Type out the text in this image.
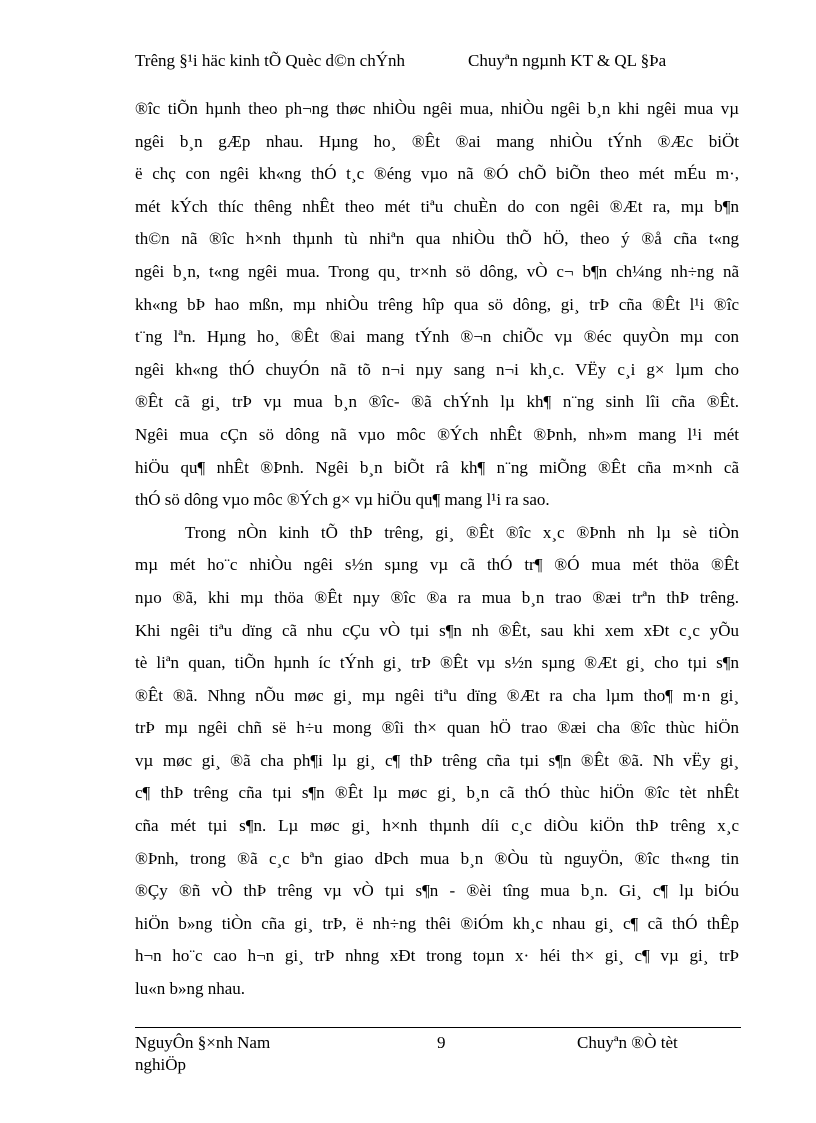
Trêng §¹i häc kinh tÕ Quèc d©n chÝnh	Chuyªn ngµnh KT & QL §Þa

®îc tiÕn hµnh theo ph¬ng thøc nhiÒu ngêi mua, nhiÒu ngêi b¸n khi ngêi mua vµ

ngêi b¸n gÆp nhau. Hµng ho¸ ®Êt ®ai mang nhiÒu tÝnh ®Æc biÖt

ë chç con ngêi kh«ng thÓ t¸c ®éng vµo nã ®Ó chÕ biÕn theo mét mÉu m·,

mét kÝch thíc thêng nhÊt theo mét tiªu chuÈn do con ngêi ®Æt ra, mµ b¶n

th©n nã ®îc h×nh thµnh tù nhiªn qua nhiÒu thÕ hÖ, theo ý ®å cña t«ng

ngêi b¸n, t«ng ngêi mua. Trong qu¸ tr×nh sö dông, vÒ c¬ b¶n ch¼ng nh÷ng nã

kh«ng bÞ hao mßn, mµ nhiÒu trêng hîp qua sö dông, gi¸ trÞ cña ®Êt l¹i ®îc

t¨ng lªn. Hµng ho¸ ®Êt ®ai mang tÝnh ®¬n chiÕc vµ ®éc quyÒn mµ con

ngêi kh«ng thÓ chuyÓn nã tõ n¬i nµy sang n¬i kh¸c. VËy c¸i g× lµm cho

®Êt cã gi¸ trÞ vµ mua b¸n ®îc- ®ã chÝnh lµ kh¶ n¨ng sinh lîi cña ®Êt.

Ngêi mua cÇn sö dông nã vµo môc ®Ých nhÊt ®Þnh, nh»m mang l¹i mét

hiÖu qu¶ nhÊt ®Þnh. Ngêi b¸n biÕt râ kh¶ n¨ng miÕng ®Êt cña m×nh cã

thÓ sö dông vµo môc ®Ých g× vµ hiÖu qu¶ mang l¹i ra sao.

Trong nÒn kinh tÕ thÞ trêng, gi¸ ®Êt ®îc x¸c ®Þnh nh lµ sè tiÒn

mµ mét ho¨c nhiÒu ngêi s½n sµng vµ cã thÓ tr¶ ®Ó mua mét thöa ®Êt

nµo ®ã, khi mµ thöa ®Êt nµy ®îc ®a ra mua b¸n trao ®æi trªn thÞ trêng.

Khi ngêi tiªu dïng cã nhu cÇu vÒ tµi s¶n nh ®Êt, sau khi xem xÐt c¸c yÕu

tè liªn quan, tiÕn hµnh íc tÝnh gi¸ trÞ ®Êt vµ s½n sµng ®Æt gi¸ cho tµi s¶n

®Êt ®ã. Nhng nÕu møc gi¸ mµ ngêi tiªu dïng ®Æt ra cha lµm tho¶ m·n gi¸

trÞ mµ ngêi chñ së h÷u mong ®îi th× quan hÖ trao ®æi cha ®îc thùc hiÖn

vµ møc gi¸ ®ã cha ph¶i lµ gi¸ c¶ thÞ trêng cña tµi s¶n ®Êt ®ã. Nh vËy gi¸

c¶ thÞ trêng cña tµi s¶n ®Êt lµ møc gi¸ b¸n cã thÓ thùc hiÖn ®îc tèt nhÊt

cña mét tµi s¶n. Lµ møc gi¸ h×nh thµnh díi c¸c diÒu kiÖn thÞ trêng x¸c

®Þnh, trong ®ã c¸c bªn giao dÞch mua b¸n ®Òu tù nguyÖn, ®îc th«ng tin

®Çy ®ñ vÒ thÞ trêng vµ vÒ tµi s¶n - ®èi tîng mua b¸n. Gi¸ c¶ lµ biÓu

hiÖn b»ng tiÒn cña gi¸ trÞ, ë nh÷ng thêi ®iÓm kh¸c nhau gi¸ c¶ cã thÓ thÊp

h¬n ho¨c cao h¬n gi¸ trÞ nhng xÐt trong toµn x· héi th× gi¸ c¶ vµ gi¸ trÞ

lu«n b»ng nhau.

NguyÔn §×nh Nam nghiÖp
9	Chuyªn ®Ò tèt
